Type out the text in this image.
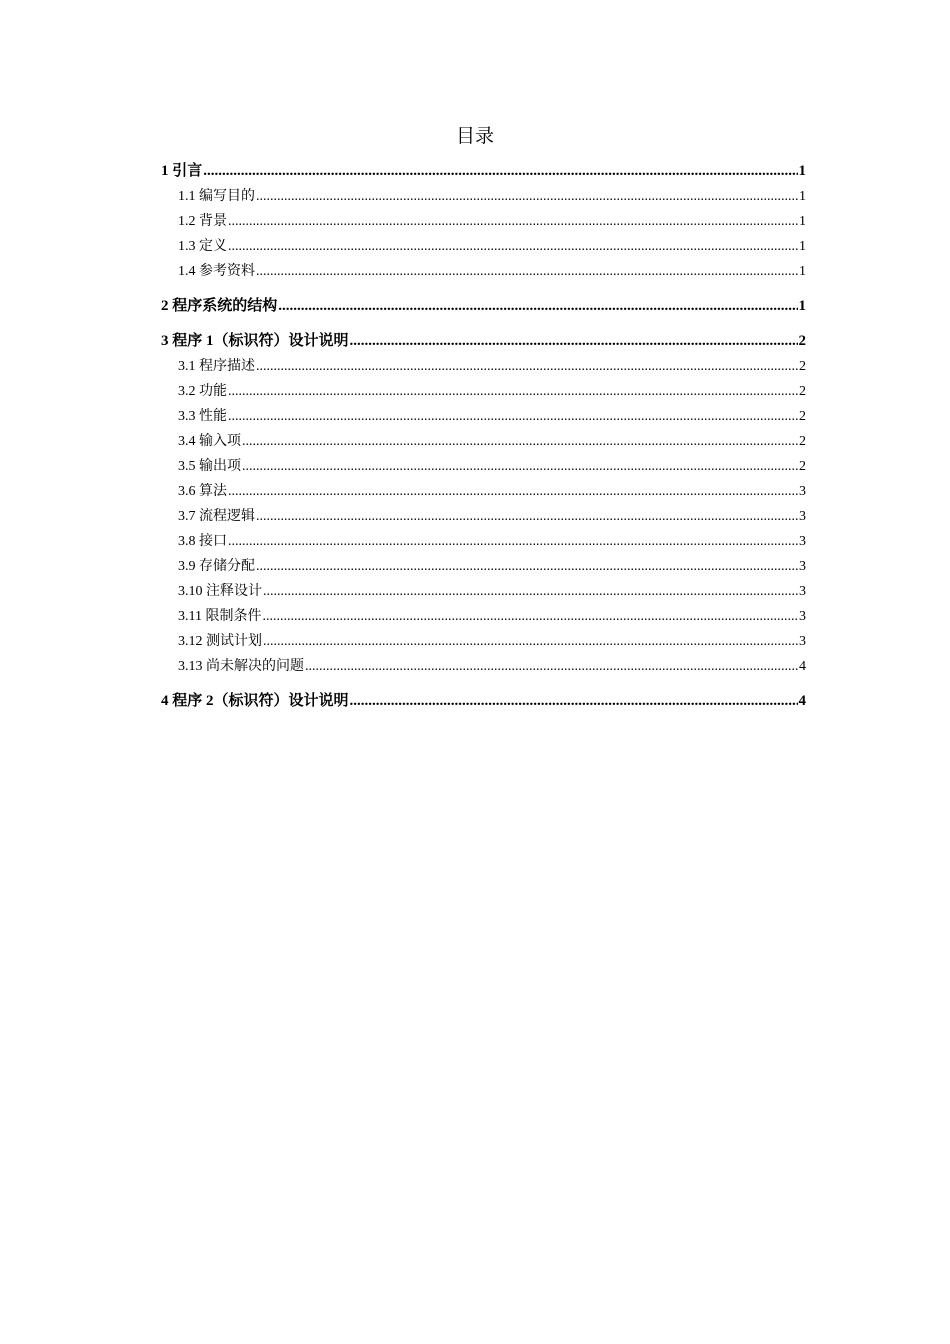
目录
1 引言 .....	1
1.1 编写目的 .....	1
1.2 背景 .....	1
1.3 定义 .....	1
1.4 参考资料 .....	1
2 程序系统的结构 .....	1
3 程序 1（标识符）设计说明 .....	2
3.1 程序描述 .....	2
3.2 功能 .....	2
3.3 性能 .....	2
3.4 输入项 .....	2
3.5 输出项 .....	2
3.6 算法 .....	3
3.7 流程逻辑 .....	3
3.8 接口 .....	3
3.9 存储分配 .....	3
3.10 注释设计 .....	3
3.11 限制条件 .....	3
3.12 测试计划 .....	3
3.13 尚未解决的问题 .....	4
4 程序 2（标识符）设计说明 .....	4
